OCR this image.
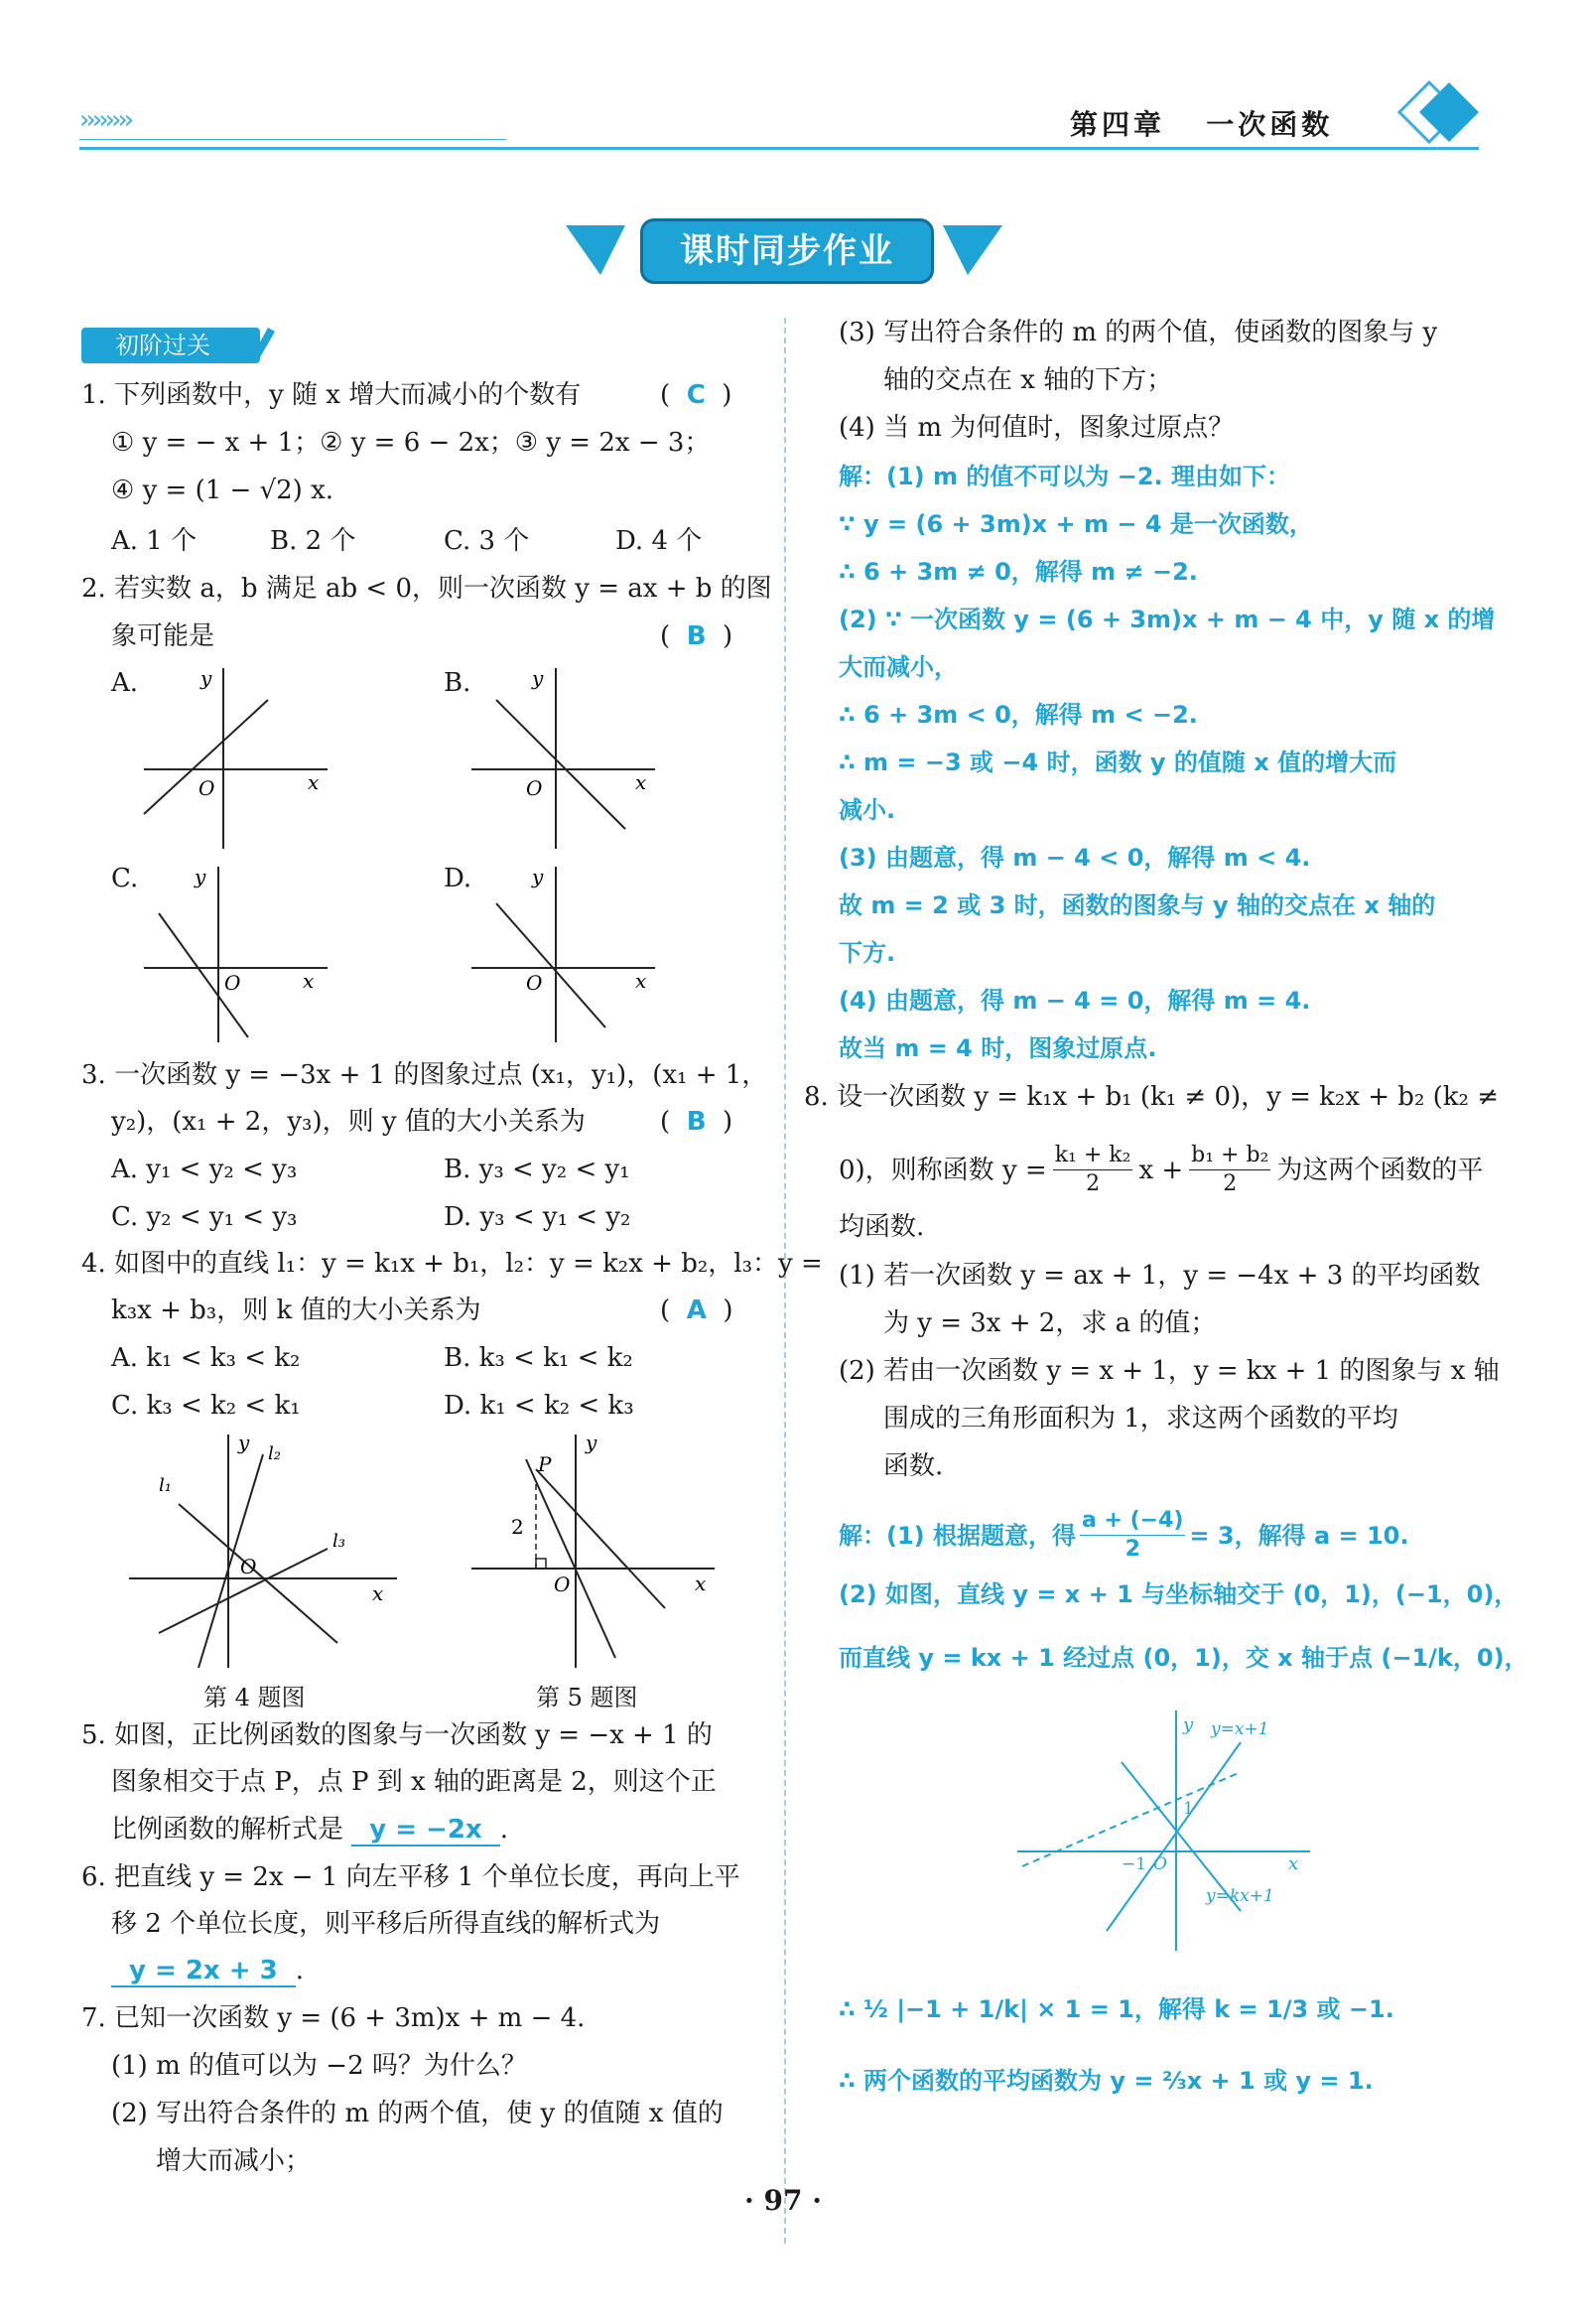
››››››››	第四章 一次函数
课时同步作业
初阶过关
1. 下列函数中，y 随 x 增大而减小的个数有	(  C  )
① y = − x + 1；② y = 6 − 2x；③ y = 2x − 3；
④ y = (1 − √2) x.
A. 1 个	B. 2 个	C. 3 个	D. 4 个
2. 若实数 a，b 满足 ab < 0，则一次函数 y = ax + b 的图
象可能是	(  B  )
A.	y
x
O
B.	y
x
O
C.	y
x
O
D.	y
x
O
3. 一次函数 y = −3x + 1 的图象过点 (x₁，y₁)，(x₁ + 1，
y₂)，(x₁ + 2，y₃)，则 y 值的大小关系为	(  B  )
A. y₁ < y₂ < y₃	B. y₃ < y₂ < y₁
C. y₂ < y₁ < y₃	D. y₃ < y₁ < y₂
4. 如图中的直线 l₁：y = k₁x + b₁，l₂：y = k₂x + b₂，l₃：y =
k₃x + b₃，则 k 值的大小关系为	(  A  )
A. k₁ < k₃ < k₂	B. k₃ < k₁ < k₂
C. k₃ < k₂ < k₁	D. k₁ < k₂ < k₃
l₁
l₂
l₃
y
x
O
第 4 题图
P
2
y
x
O
第 5 题图
5. 如图，正比例函数的图象与一次函数 y = −x + 1 的
图象相交于点 P，点 P 到 x 轴的距离是 2，则这个正
比例函数的解析式是 y = −2x .
6. 把直线 y = 2x − 1 向左平移 1 个单位长度，再向上平
移 2 个单位长度，则平移后所得直线的解析式为
y = 2x + 3 .
7. 已知一次函数 y = (6 + 3m)x + m − 4.
(1) m 的值可以为 −2 吗？为什么？
(2) 写出符合条件的 m 的两个值，使 y 的值随 x 值的
增大而减小；
(3) 写出符合条件的 m 的两个值，使函数的图象与 y
轴的交点在 x 轴的下方；
(4) 当 m 为何值时，图象过原点？
解：(1) m 的值不可以为 −2. 理由如下：
∵ y = (6 + 3m)x + m − 4 是一次函数，
∴ 6 + 3m ≠ 0，解得 m ≠ −2.
(2) ∵ 一次函数 y = (6 + 3m)x + m − 4 中，y 随 x 的增
大而减小，
∴ 6 + 3m < 0，解得 m < −2.
∴ m = −3 或 −4 时，函数 y 的值随 x 值的增大而
减小.
(3) 由题意，得 m − 4 < 0，解得 m < 4.
故 m = 2 或 3 时，函数的图象与 y 轴的交点在 x 轴的
下方.
(4) 由题意，得 m − 4 = 0，解得 m = 4.
故当 m = 4 时，图象过原点.
8. 设一次函数 y = k₁x + b₁ (k₁ ≠ 0)，y = k₂x + b₂ (k₂ ≠
0)，则称函数 $y = \frac{\text{k₁ + k₂}}{2}$ $x + \frac{\text{b₁ + b₂}}{2}$ 为这两个函数的平
均函数.
(1) 若一次函数 y = ax + 1，y = −4x + 3 的平均函数
为 y = 3x + 2，求 a 的值；
(2) 若由一次函数 y = x + 1，y = kx + 1 的图象与 x 轴
围成的三角形面积为 1，求这两个函数的平均
函数.
解：(1) 根据题意，得 $\frac{a + (-4)}{2} = 3$，解得 a = 10.
(2) 如图，直线 y = x + 1 与坐标轴交于 (0，1)，(−1，0)，
而直线 y = kx + 1 经过点 (0，1)，交 x 轴于点 (−1/k，0)，
y
x
y=x+1
y=kx+1
1
−1 O
∴ ½ |−1 + 1/k| × 1 = 1，解得 k = 1/3 或 −1.
∴ 两个函数的平均函数为 y = ⅔x + 1 或 y = 1.
· 97 ·
